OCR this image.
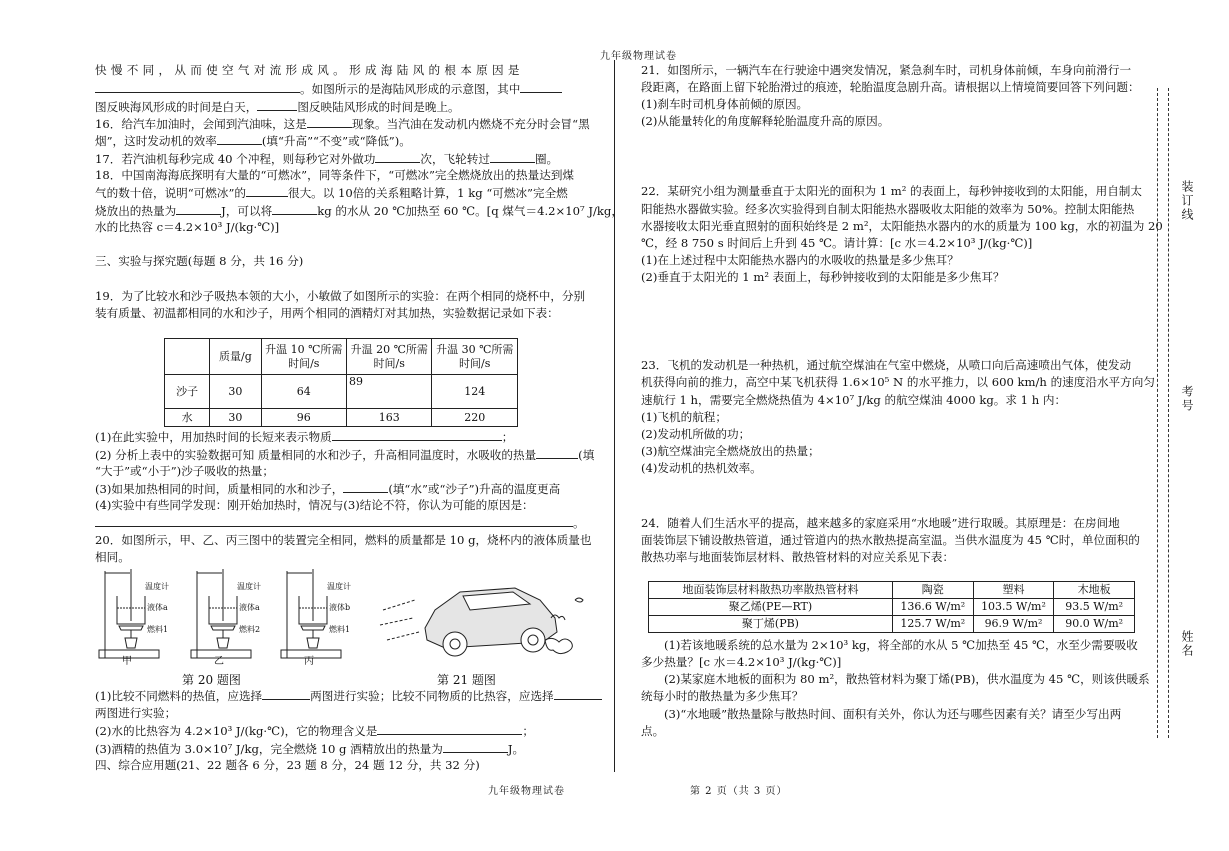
九年级物理试卷
快 慢 不 同 ， 从 而 使 空 气 对 流 形 成 风 。 形 成 海 陆 风 的 根 本 原 因 是
。如图所示的是海陆风形成的示意图，其中
图反映海风形成的时间是白天，	图反映陆风形成的时间是晚上。
16．给汽车加油时，会闻到汽油味，这是	现象。当汽油在发动机内燃烧不充分时会冒“黑
烟”，这时发动机的效率	(填“升高”“不变”或“降低”)。
17．若汽油机每秒完成 40 个冲程，则每秒它对外做功	次，飞轮转过	圈。
18．中国南海海底探明有大量的“可燃冰”，同等条件下，“可燃冰”完全燃烧放出的热量达到煤
气的数十倍，说明“可燃冰”的	很大。以 10倍的关系粗略计算，1 kg “可燃冰”完全燃
烧放出的热量为	J，可以将	kg 的水从 20 ℃加热至 60 ℃。[q 煤气＝4.2×10⁷ J/kg，
水的比热容 c＝4.2×10³ J/(kg·℃)]
三、实验与探究题(每题 8 分，共 16 分)
19．为了比较水和沙子吸热本领的大小，小敏做了如图所示的实验：在两个相同的烧杯中，分别
装有质量、初温都相同的水和沙子，用两个相同的酒精灯对其加热，实验数据记录如下表：
	质量/g	升温 10 ℃所需时间/s	升温 20 ℃所需时间/s	升温 30 ℃所需时间/s
沙子	30	64	89	124
水	30	96	163	220
(1)在此实验中，用加热时间的长短来表示物质	；
(2) 分析上表中的实验数据可知 质量相同的水和沙子，升高相同温度时，水吸收的热量	(填
“大于”或“小于”)沙子吸收的热量；
(3)如果加热相同的时间，质量相同的水和沙子，	(填“水”或“沙子”)升高的温度更高
(4)实验中有些同学发现：刚开始加热时，情况与(3)结论不符，你认为可能的原因是：
。
20．如图所示，甲、乙、丙三图中的装置完全相同，燃料的质量都是 10 g，烧杯内的液体质量也
相同。
温度计
液体a
燃料1
温度计
液体a
燃料2
温度计
液体b
燃料1
甲	乙	丙
第 20 题图	第 21 题图
(1)比较不同燃料的热值，应选择	两图进行实验；比较不同物质的比热容，应选择
两图进行实验；
(2)水的比热容为 4.2×10³ J/(kg·℃)，它的物理含义是	；
(3)酒精的热值为 3.0×10⁷ J/kg，完全燃烧 10 g 酒精放出的热量为	J。
四、综合应用题(21、22 题各 6 分，23 题 8 分，24 题 12 分，共 32 分)
21．如图所示，一辆汽车在行驶途中遇突发情况，紧急刹车时，司机身体前倾，车身向前滑行一
段距离，在路面上留下轮胎滑过的痕迹，轮胎温度急剧升高。请根据以上情境简要回答下列问题：
(1)刹车时司机身体前倾的原因。
(2)从能量转化的角度解释轮胎温度升高的原因。
22．某研究小组为测量垂直于太阳光的面积为 1 m² 的表面上，每秒钟接收到的太阳能，用自制太
阳能热水器做实验。经多次实验得到自制太阳能热水器吸收太阳能的效率为 50%。控制太阳能热
水器接收太阳光垂直照射的面积始终是 2 m²，太阳能热水器内的水的质量为 100 kg，水的初温为 20
℃，经 8 750 s 时间后上升到 45 ℃。请计算：[c 水＝4.2×10³ J/(kg·℃)]
(1)在上述过程中太阳能热水器内的水吸收的热量是多少焦耳？
(2)垂直于太阳光的 1 m² 表面上，每秒钟接收到的太阳能是多少焦耳？
23．飞机的发动机是一种热机，通过航空煤油在气室中燃烧，从喷口向后高速喷出气体，使发动
机获得向前的推力，高空中某飞机获得 1.6×10⁵ N 的水平推力，以 600 km/h 的速度沿水平方向匀
速航行 1 h，需要完全燃烧热值为 4×10⁷ J/kg 的航空煤油 4000 kg。求 1 h 内：
(1)飞机的航程；
(2)发动机所做的功；
(3)航空煤油完全燃烧放出的热量；
(4)发动机的热机效率。
24．随着人们生活水平的提高，越来越多的家庭采用“水地暖”进行取暖。其原理是：在房间地
面装饰层下铺设散热管道，通过管道内的热水散热提高室温。当供水温度为 45 ℃时，单位面积的
散热功率与地面装饰层材料、散热管材料的对应关系见下表：
地面装饰层材料散热功率散热管材料	陶瓷	塑料	木地板
聚乙烯(PE—RT)	136.6 W/m²	103.5 W/m²	93.5 W/m²
聚丁烯(PB)	125.7 W/m²	96.9 W/m²	90.0 W/m²
(1)若该地暖系统的总水量为 2×10³ kg，将全部的水从 5 ℃加热至 45 ℃，水至少需要吸收
多少热量？[c 水＝4.2×10³ J/(kg·℃)]
(2)某家庭木地板的面积为 80 m²，散热管材料为聚丁烯(PB)，供水温度为 45 ℃，则该供暖系
统每小时的散热量为多少焦耳？
(3)“水地暖”散热量除与散热时间、面积有关外，你认为还与哪些因素有关？请至少写出两
点。
九年级物理试卷	第 2 页（共 3 页）
装订线
考号
姓名
